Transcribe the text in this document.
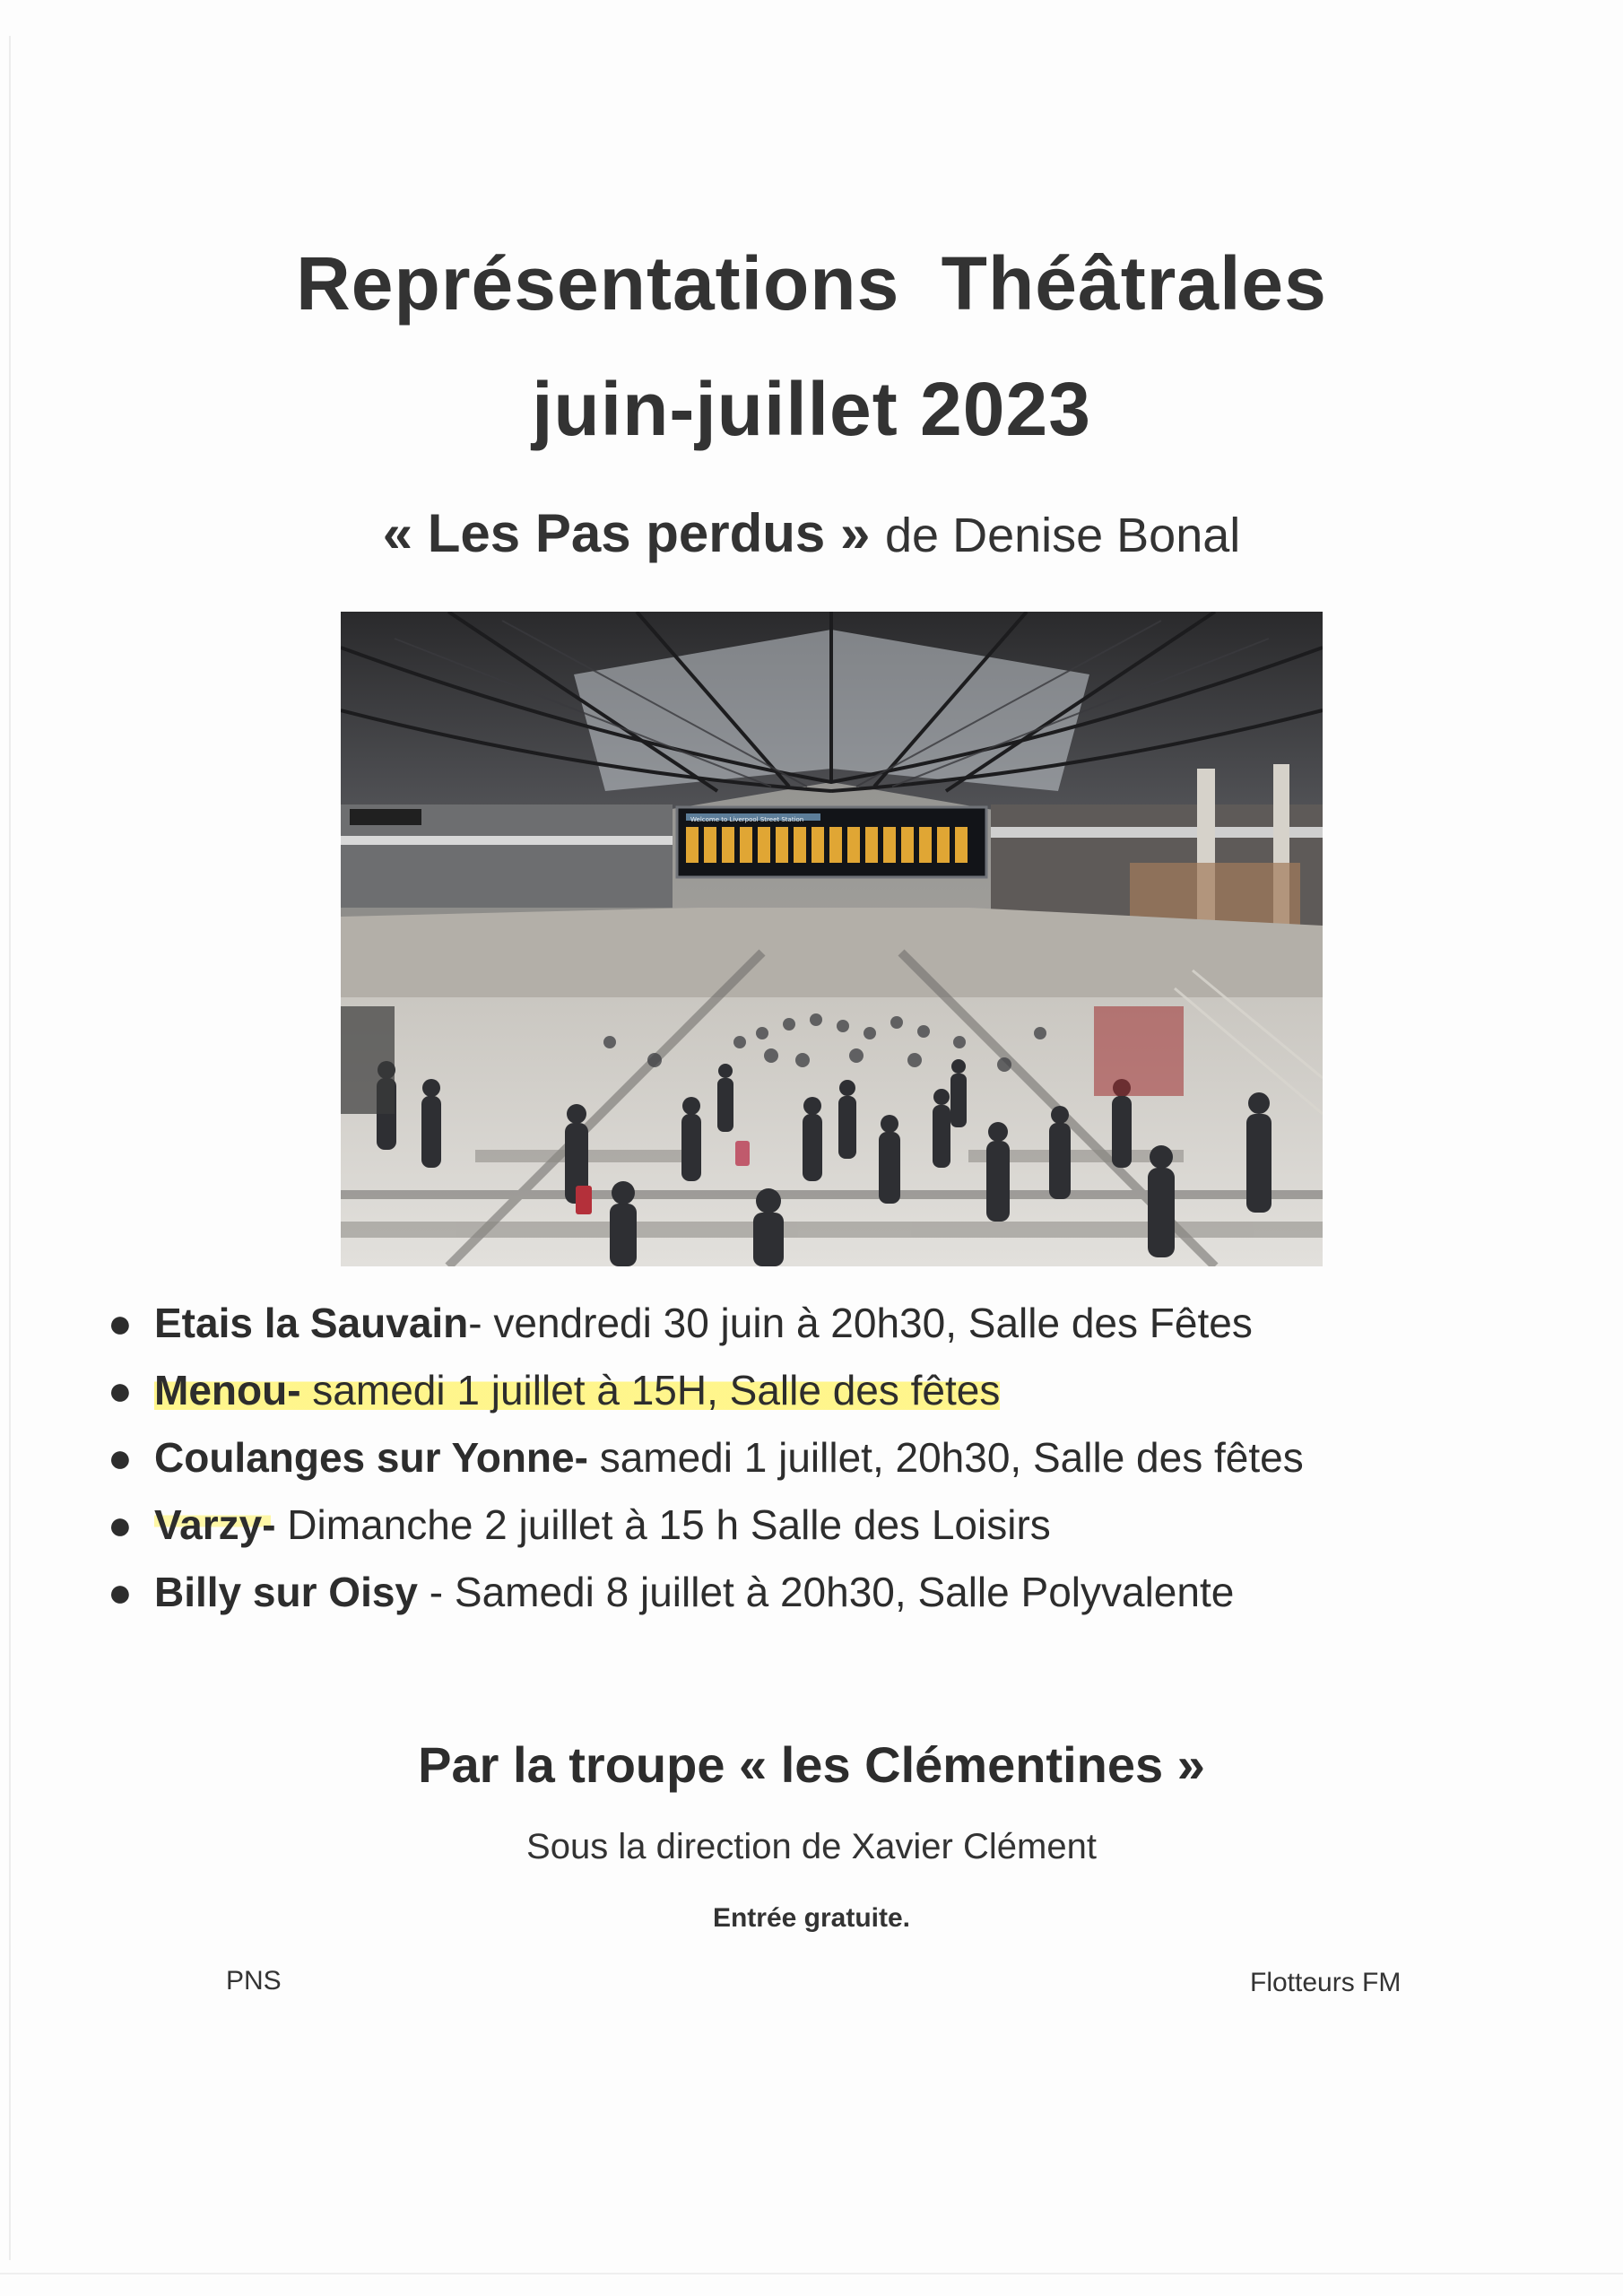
Représentations Théâtrales
juin-juillet 2023
« Les Pas perdus » de Denise Bonal
Welcome to Liverpool Street Station
● Etais la Sauvain- vendredi 30 juin à 20h30, Salle des Fêtes
● Menou- samedi 1 juillet à 15H, Salle des fêtes
● Coulanges sur Yonne- samedi 1 juillet, 20h30, Salle des fêtes
● Varzy- Dimanche 2 juillet à 15 h Salle des Loisirs
● Billy sur Oisy - Samedi 8 juillet à 20h30, Salle Polyvalente
Par la troupe « les Clémentines »
Sous la direction de Xavier Clément
Entrée gratuite.
PNS	Flotteurs FM
